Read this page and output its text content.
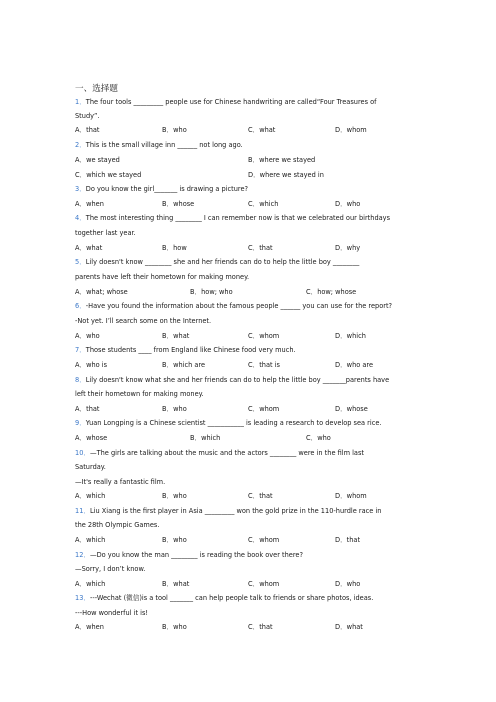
一、选择题
1．The four tools _________ people use for Chinese handwriting are called“Four Treasures of
Study”.
A．that	B．who	C．what	D．whom
2．This is the small village inn ______ not long ago.
A．we stayed	B．where we stayed
C．which we stayed	D．where we stayed in
3．Do you know the girl_______ is drawing a picture?
A．when	B．whose	C．which	D．who
4．The most interesting thing ________ I can remember now is that we celebrated our birthdays
together last year.
A．what	B．how	C．that	D．why
5．Lily doesn't know ________ she and her friends can do to help the little boy ________
parents have left their hometown for making money.
A．what; whose	B．how; who	C．how; whose
6．-Have you found the information about the famous people ______ you can use for the report?
-Not yet. I’ll search some on the Internet.
A．who	B．what	C．whom	D．which
7．Those students ____ from England like Chinese food very much.
A．who is	B．which are	C．that is	D．who are
8．Lily doesn't know what she and her friends can do to help the little boy _______parents have
left their hometown for making money.
A．that	B．who	C．whom	D．whose
9．Yuan Longping is a Chinese scientist ___________ is leading a research to develop sea rice.
A．whose	B．which	C．who
10．—The girls are talking about the music and the actors ________ were in the film last
Saturday.
—It's really a fantastic film.
A．which	B．who	C．that	D．whom
11．Liu Xiang is the first player in Asia _________ won the gold prize in the 110-hurdle race in
the 28th Olympic Games.
A．which	B．who	C．whom	D．that
12．—Do you know the man ________ is reading the book over there?
—Sorry, I don’t know.
A．which	B．what	C．whom	D．who
13．---Wechat (微信)is a tool _______ can help people talk to friends or share photos, ideas.
---How wonderful it is!
A．when	B．who	C．that	D．what
